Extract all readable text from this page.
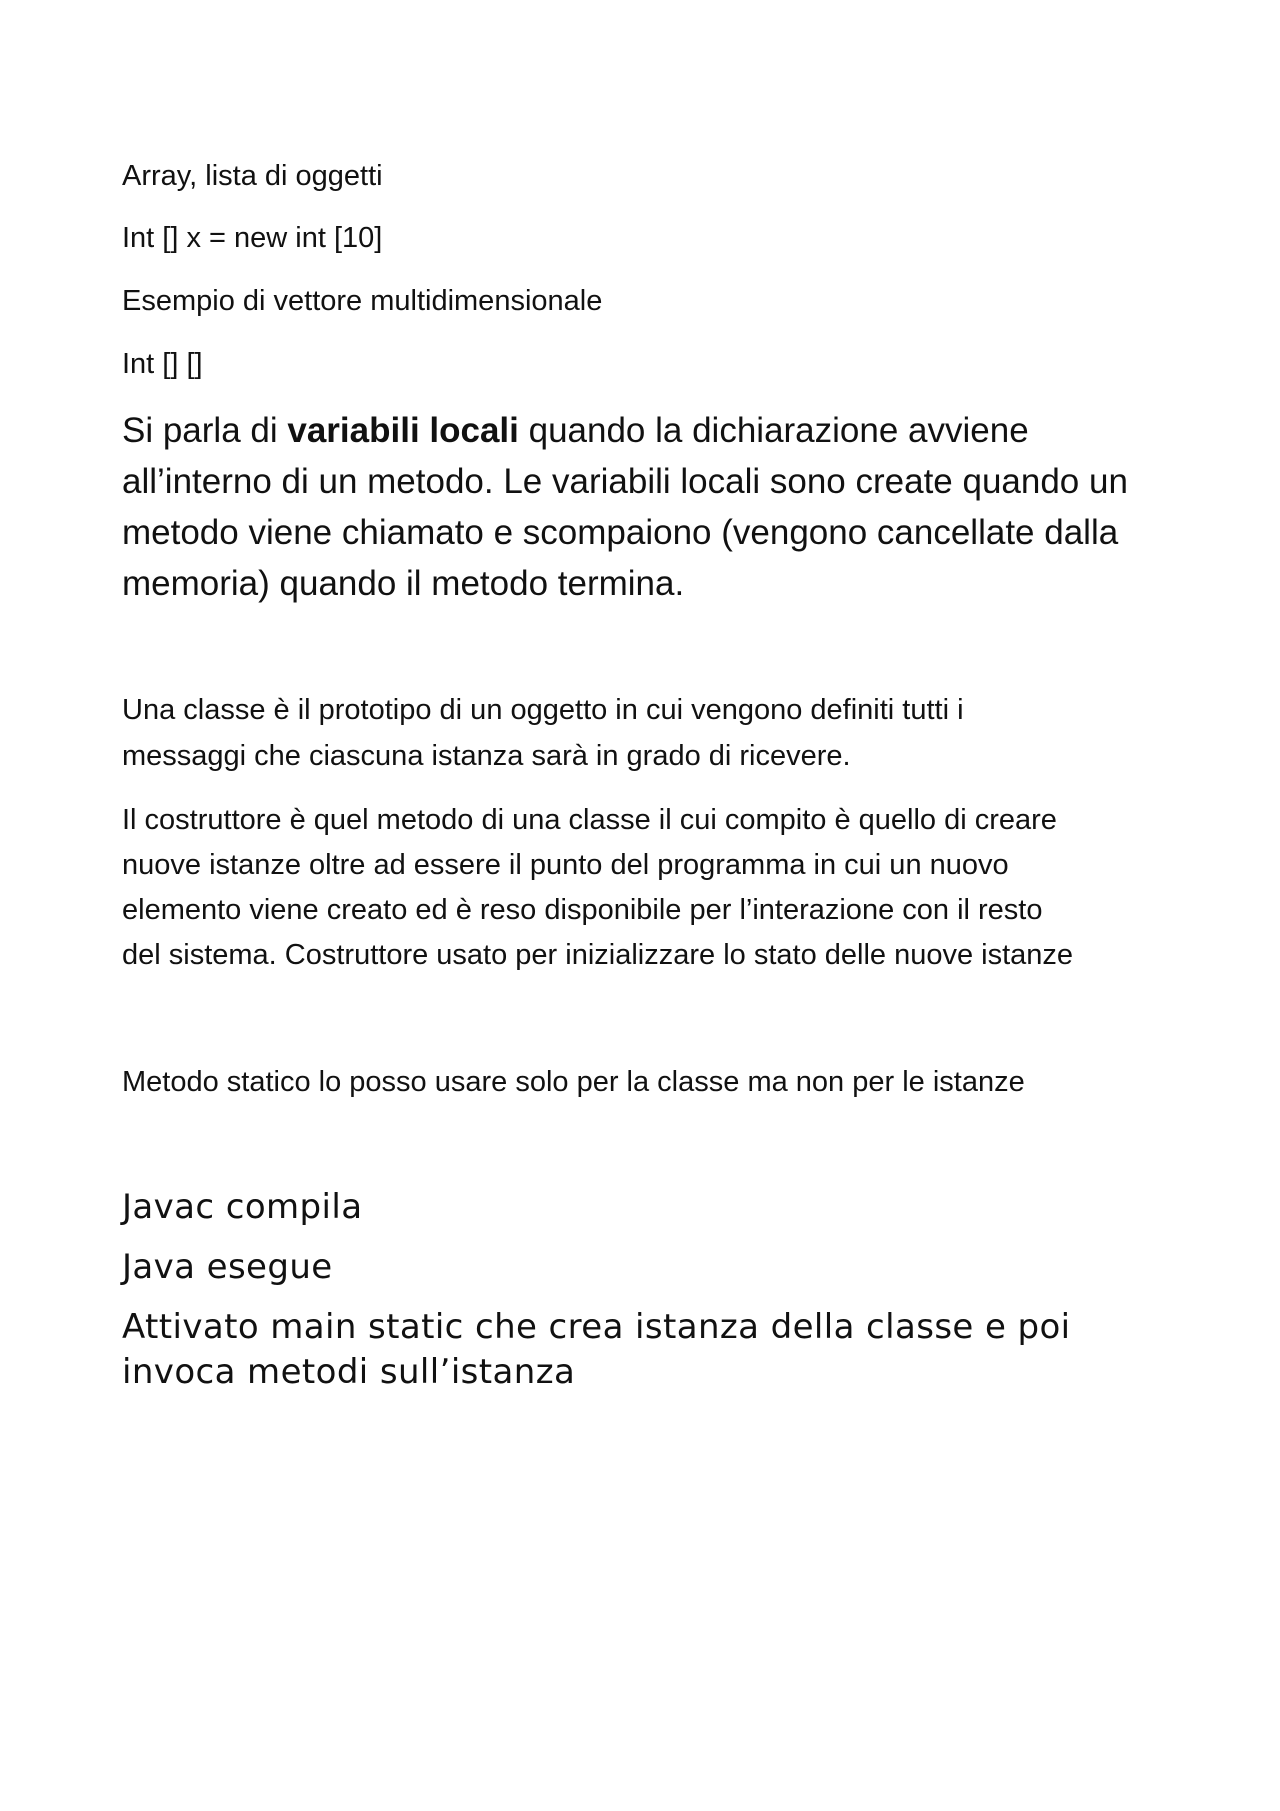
Array, lista di oggetti

Int [] x = new int [10]

Esempio di vettore multidimensionale

Int [] []

Si parla di variabili locali quando la dichiarazione avviene

all’interno di un metodo. Le variabili locali sono create quando un

metodo viene chiamato e scompaiono (vengono cancellate dalla

memoria) quando il metodo termina.

Una classe è il prototipo di un oggetto in cui vengono definiti tutti i

messaggi che ciascuna istanza sarà in grado di ricevere.

Il costruttore è quel metodo di una classe il cui compito è quello di creare

nuove istanze oltre ad essere il punto del programma in cui un nuovo

elemento viene creato ed è reso disponibile per l’interazione con il resto

del sistema. Costruttore usato per inizializzare lo stato delle nuove istanze

Metodo statico lo posso usare solo per la classe ma non per le istanze

Javac compila

Java esegue

Attivato main static che crea istanza della classe e poi

invoca metodi sull’istanza
